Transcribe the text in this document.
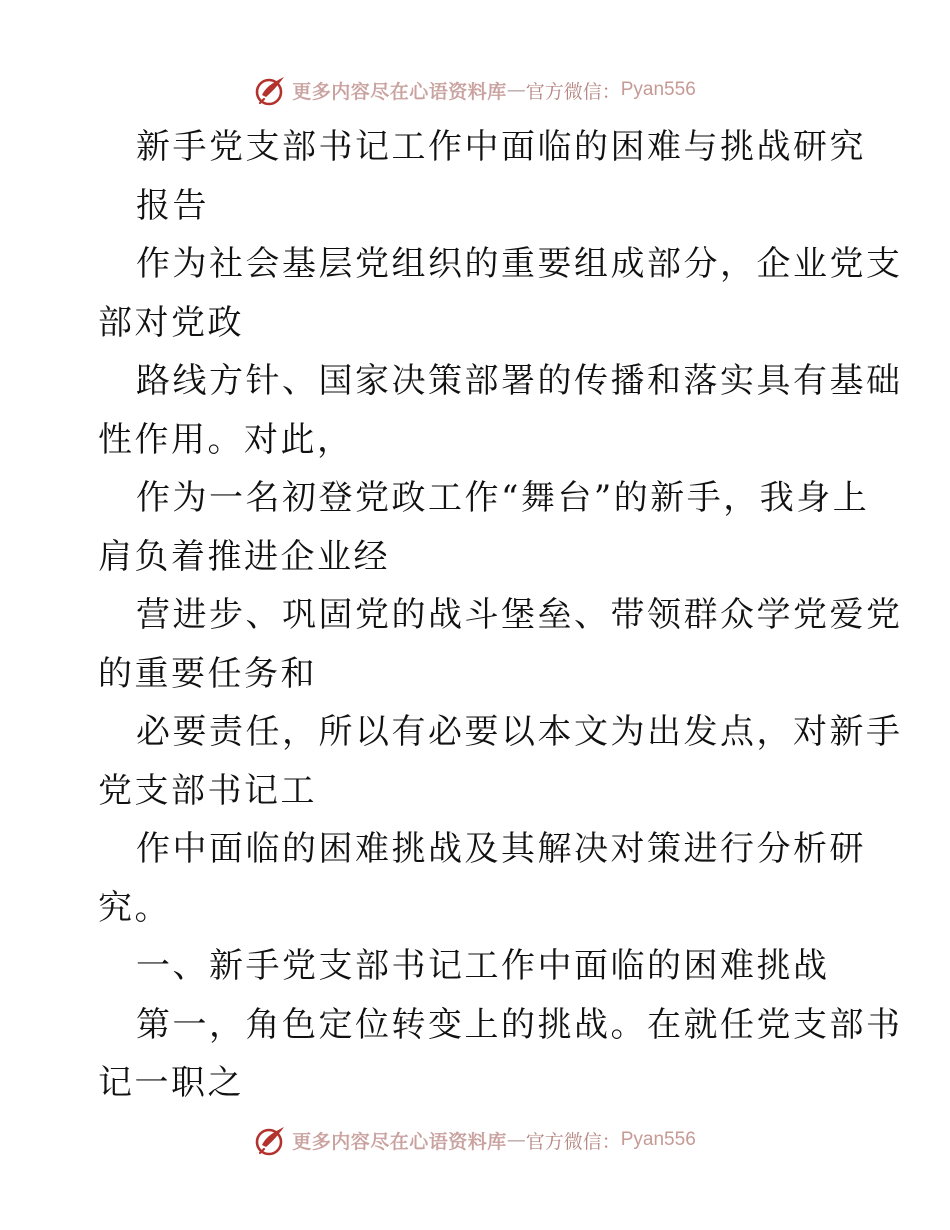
更多内容尽在心语资料库 — 官方微信： Pyan556
新手党支部书记工作中面临的困难与挑战研究
报告
作为社会基层党组织的重要组成部分，企业党支
部对党政
路线方针、国家决策部署的传播和落实具有基础
性作用。对此，
作为一名初登党政工作“舞台”的新手，我身上
肩负着推进企业经
营进步、巩固党的战斗堡垒、带领群众学党爱党
的重要任务和
必要责任，所以有必要以本文为出发点，对新手
党支部书记工
作中面临的困难挑战及其解决对策进行分析研
究。
一、新手党支部书记工作中面临的困难挑战
第一，角色定位转变上的挑战。在就任党支部书
记一职之
更多内容尽在心语资料库 — 官方微信： Pyan556
